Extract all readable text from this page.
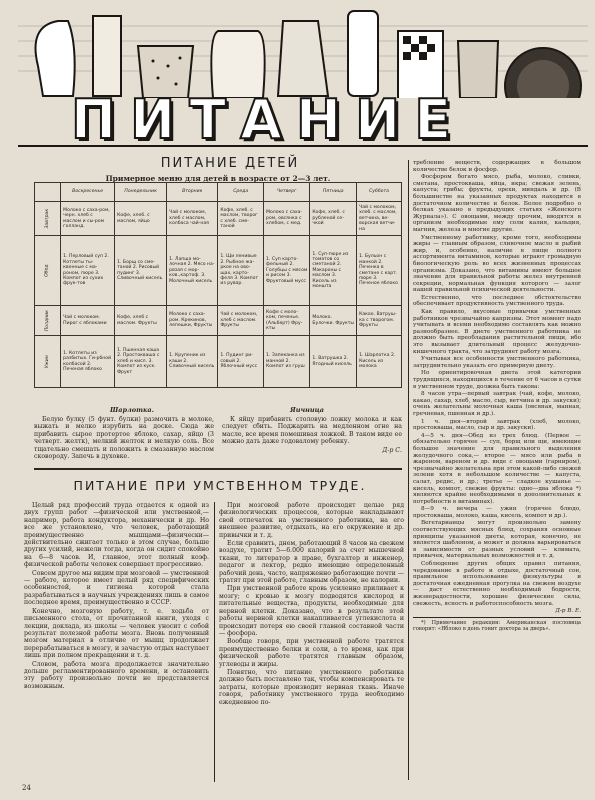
ПИТАНИЕ
ПИТАНИЕ ДЕТЕЙ
Примерное меню для детей в возрасте от 2—3 лет.
	Воскресенье	Понедельник	Вторник	Среда	Четверг	Пятница	Суббота
Завтрак	Молоко с саха-ром, черн. хлеб с маслом и сы-ром голланд.	Кофе, хлеб. с маслом, яйцо	Чай с молоком, хлеб с маслом, колбаса чай-ная	Кофе, хлеб. с маслом, творог с хлеб. сме-таной	Молоко с саха-ром, овсянка с хлебом, с мед.	Кофе, хлеб. с рубленой се-чкой	Чай с молоком, хлеб. с маслом, ветчина, ве-ворская ветчи-на
Обед	1. Перловый суп 2. Котлеты ты-квенные с ма-роном, пюре 3. Компот из сухих фрук-тов	1. Борщ со сме-таной 2. Рисовый пудинг 3. Сливочный кисель	1. Лапша мо-лочная 2. Мясо на-рвзая с мор-ков.,картоф. 3. Молочный кисель	1. Щи ленивые 2. Рыбное жа-ркое на ово-щах, карто-феля 3. Компот из рувар.	1. Суп карто-фельный 2. Голубцы с мясом и рисом 3. Фруктовый мусс	1. Суп-пюре из томатов со сметаной 2. Макароны с маслом 3. Кисель из моншта	1. Бульон с манкой 2. Печенка в сметане с карт. пюре 3. Печеное яблоко
Полдник	Чай с молоком. Пирог с яблоками	Кофе, хлеб с маслом. Фрукты	Молоко с саха-ром. Крекинов, лепешки, Фрукты	Чай с молоком, хлеб с маслом. Фрукты	Кофе с моло-ком, печенье. (Альберт) Фру-кты	Молоко. Булочки. Фрукты	Какао. Ватруш-ка с творогом. Фрукты
Ужин	1. Котлеты из разбитых. Ги-рбной колбасой 2. Печеная яблоко	1. Пшенная каша 2. Простокваша с хлеб и кисл. 3. Компот из куск. Фрукт	1. Крупеник из каши 2. Сливочный кисель	1. Пудинг ри-совый 2. Яблочный мусс	1. Запеканка из манной 2. Компот из груш	1. Ватрушка 2. Ягодный кисель	1. Шарлотка 2. Кисель из молока
Шарлотка.	Яичница

Белую булку (5 фунт. булки) размочить в молоке, выжать и мелко изрубить на доске. Сюда же прибавить сырое протертое яблоко, сахар, яйцо (3 четверт. желтк), мелкий желток и мелкую соль. Все тщательно смешать и положить в смазанную маслом сковороду. Запечь в духовке.

К яйцу прибавить столовую ложку молока и как следует сбить. Поджарить на медленном огне на масле, все время помешивая ложкой. В таком виде ее можно дать даже годовалому ребенку.

Д-р С.
ПИТАНИЕ ПРИ УМСТВЕННОМ ТРУДЕ.

Целый ряд профессий труда отдается к одной из двух групп работ —физической или умственной,— например, работа кондуктора, механически и др. Но все же установлено, что человек, работающий преимущественно мышцами—физически— действительно сжигает только в этом случае, больше других усилий, нежели тогда, когда он сидит спокойно на 6—8 часов. И, главное, этот полный коэф. физической работы человек совершает прогрессивно.

Совсем другое мы видим при мозговой — умственной — работе, которое имеет целый ряд специфических особенностей, и гигиена которой стала разрабатываться в научных учреждениях лишь в самое последнее время, преимущественно в СССР.

Конечно, мозговую работу, т. е. ходьба от письменного стола, от прочитанной книги, уходя с лекции, доклада, из школы — человек уносит с собой результат полезной работы мозга. Вновь полученный мозгом материал в отличие от мышц продолжает перерабатываться в мозгу, и зачастую отдых наступает лишь при полном прекращении и т. д.

Словом, работа мозга продолжается значительно дольше регламентированного времени, и остановить эту работу произвольно почти не представляется возможным.

При мозговой работе происходят целые ряд физиологических процессов, которые накладывают свой отпечаток на умственного работника, на его внешнее развитие, отдыхать, на его окружение и др. привычки и т. д.

Если сравнить, днем, работающий 8 часов на свежем воздухе, тратит 5—6.000 калорий за счет мышечной ткани, то литератор в праве, бухгалтер и инженер, педагог и лектор, редко имеющие определенный рабочий день, часто, напряженно работающие почти — тратят при этой работе, главным образом, не калории.

При умственной работе кровь усиленно приливает к мозгу; с кровью к мозгу подводятся кислород и питательные вещества, продукты, необходимые для нервной клетки. Доказано, что в результате этой работы нервной клетки накапливается углекислота и происходит потеря ею своей главной составной части — фосфора.

Вообще говоря, при умственной работе тратятся преимущественно белки и соли, а то время, как при физической работе тратятся главным образом, углеводы и жиры.

Понятно, что питание умственного работника должно быть поставлено так, чтобы компенсировать те затраты, которые производит нервная ткань. Иначе говоря, работнику умственного труда необходимо ежедневное по-

требление веществ, содержащих в большом количестве белок и фосфор.

Фосфором богато мясо, рыба, молоко, сливки, сметана, простокваша, яйца, икра; свежая зелень, капуста; грибы; фрукты, орехи, миндаль и др. (В большинстве на указанных продуктах находится в достаточном количестве и белок. Более подробно о белках указано в предыдущих статьях «Женского Журнала»). С овощами, между прочим, вводятся в организм необходимые ему соли калия, кальция, магния, железа и многие другие.

Умственному работнику, кроме того, необходимы жиры — главным образом, сливочное масло и рыбий жир, и, особенно, наличие в пище полного ассортимента витаминов, которые играют громадную биологическую роль во всех жизненных процессах организма. Доказано, что витамины имеют большое значение для правильной работы желез внутренней секреции, нормальная функция которого — залог нашей правильной психической деятельности.

Естественно, что последнее обстоятельство обеспечивает продуктивность умственного труда.

Как правило, вкусовые привычки умственных работников чрезвычайно капризны. Этот момент надо учитывать и всеми необходимо составлять как можно разнообразнее. В диете умственного работника не должно быть преобладания растительной пищи, ибо это вызывает длительный процесс желудочно-кишечного тракта, что затрудняет работу мозга.

Учитывая все особенности умственного работника, затруднительно указать его примерную диету.

Но ориентировочная диета этой категории трудящихся, находящихся в течение от 6 часов в сутки в умственном труде, должна быть такова:

8 часов утра—первый завтрак (чай, кофе, молоко, какао, сахар, хлеб, масло, сыр, ветчина и др. закуски); очень желательны молочная каша (овсяная, манная, гречневая, пшенная и др.).

1 ч. дня—второй завтрак (хлеб, молоко, простокваша, масло, сыр и др. закуски).

4—5 ч. дня—Обед из трех блюд. (Первое — обязательно горячее — суп, борщ или щи, имеющие большое значение для правильного выделения желудочного сока,— второе — мясо или рыба в жареном, вареном и др. виде с овощами (гарниром), чрезвычайно желательна при этом какой-либо свежей зелени хотя в небольшом количестве — капуста, салат, редис, и др.; третье — сладкое кушанье — кисель, компот, свежие фрукты: одно—два яблока *) являются крайне необходимыми в дополнительных к потребности в витаминах).

8—9 ч. вечера — ужин (горячее блюдо, простокваша, молоко, каша, кисель, компот и др.).

Вегетарианцы могут произвольно замену соответствующих мясных блюд, сохраняя основные принципы указанной диеты, которая, конечно, не является шаблоном, а может и должна варьироваться в зависимости от разных условий — климата, привычек, материальных возможностей и т. д.

Соблюдение других общих правил питания, чередование в работе и отдыхе, достаточный сон, правильное использование физкультуры и достаточная ежедневная прогулка на свежем воздухе — даст естественно необходимый бодрости, жизнерадостности, хорошие физические силы, свежесть, ясность и работоспособность мозга.

Д-р В. Е.

*) Примечание редакции: Американская пословица говорит: «Яблоко в день гонит доктора за дверь».

24
